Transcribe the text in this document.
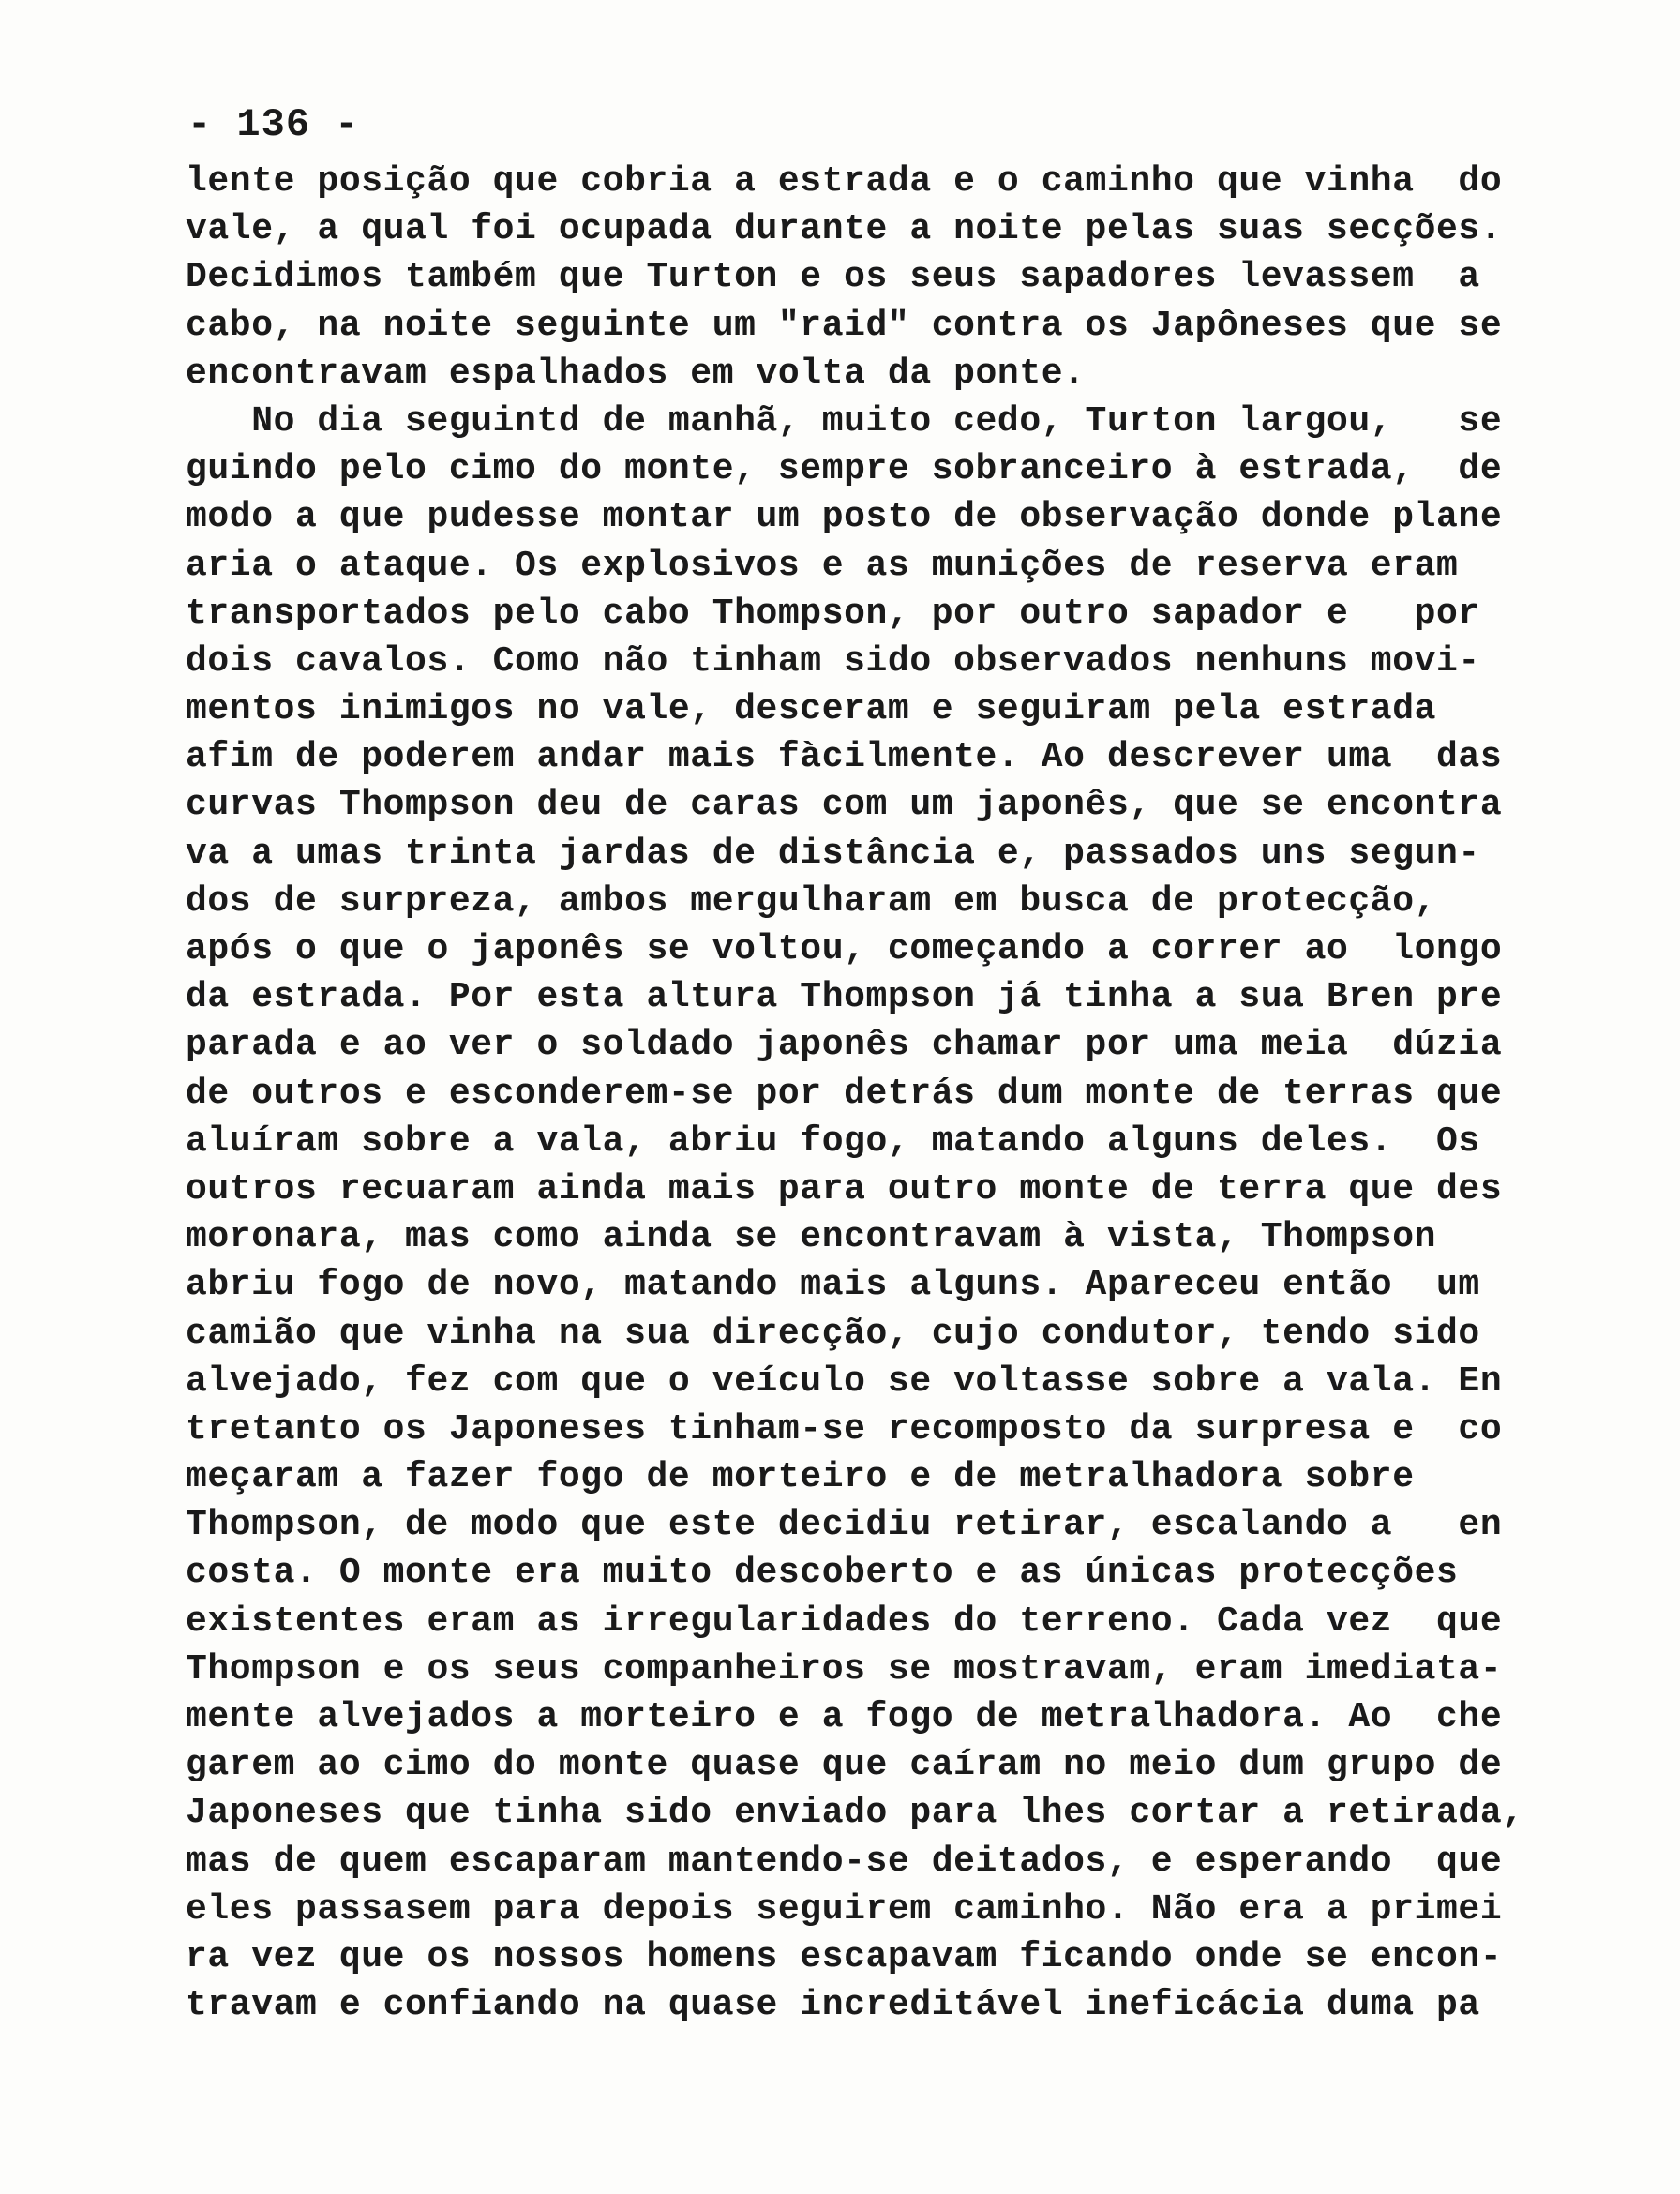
- 136 -
lente posição que cobria a estrada e o caminho que vinha  do
vale, a qual foi ocupada durante a noite pelas suas secções.
Decidimos também que Turton e os seus sapadores levassem  a
cabo, na noite seguinte um "raid" contra os Japôneses que se
encontravam espalhados em volta da ponte.
No dia seguintd de manhã, muito cedo, Turton largou,   se
guindo pelo cimo do monte, sempre sobranceiro à estrada,  de
modo a que pudesse montar um posto de observação donde plane
aria o ataque. Os explosivos e as munições de reserva eram
transportados pelo cabo Thompson, por outro sapador e   por
dois cavalos. Como não tinham sido observados nenhuns movi-
mentos inimigos no vale, desceram e seguiram pela estrada
afim de poderem andar mais fàcilmente. Ao descrever uma  das
curvas Thompson deu de caras com um japonês, que se encontra
va a umas trinta jardas de distância e, passados uns segun-
dos de surpreza, ambos mergulharam em busca de protecção,
após o que o japonês se voltou, começando a correr ao  longo
da estrada. Por esta altura Thompson já tinha a sua Bren pre
parada e ao ver o soldado japonês chamar por uma meia  dúzia
de outros e esconderem-se por detrás dum monte de terras que
aluíram sobre a vala, abriu fogo, matando alguns deles.  Os
outros recuaram ainda mais para outro monte de terra que des
moronara, mas como ainda se encontravam à vista, Thompson
abriu fogo de novo, matando mais alguns. Apareceu então  um
camião que vinha na sua direcção, cujo condutor, tendo sido
alvejado, fez com que o veículo se voltasse sobre a vala. En
tretanto os Japoneses tinham-se recomposto da surpresa e  co
meçaram a fazer fogo de morteiro e de metralhadora sobre
Thompson, de modo que este decidiu retirar, escalando a   en
costa. O monte era muito descoberto e as únicas protecções
existentes eram as irregularidades do terreno. Cada vez  que
Thompson e os seus companheiros se mostravam, eram imediata-
mente alvejados a morteiro e a fogo de metralhadora. Ao  che
garem ao cimo do monte quase que caíram no meio dum grupo de
Japoneses que tinha sido enviado para lhes cortar a retirada,
mas de quem escaparam mantendo-se deitados, e esperando  que
eles passasem para depois seguirem caminho. Não era a primei
ra vez que os nossos homens escapavam ficando onde se encon-
travam e confiando na quase increditável ineficácia duma pa
